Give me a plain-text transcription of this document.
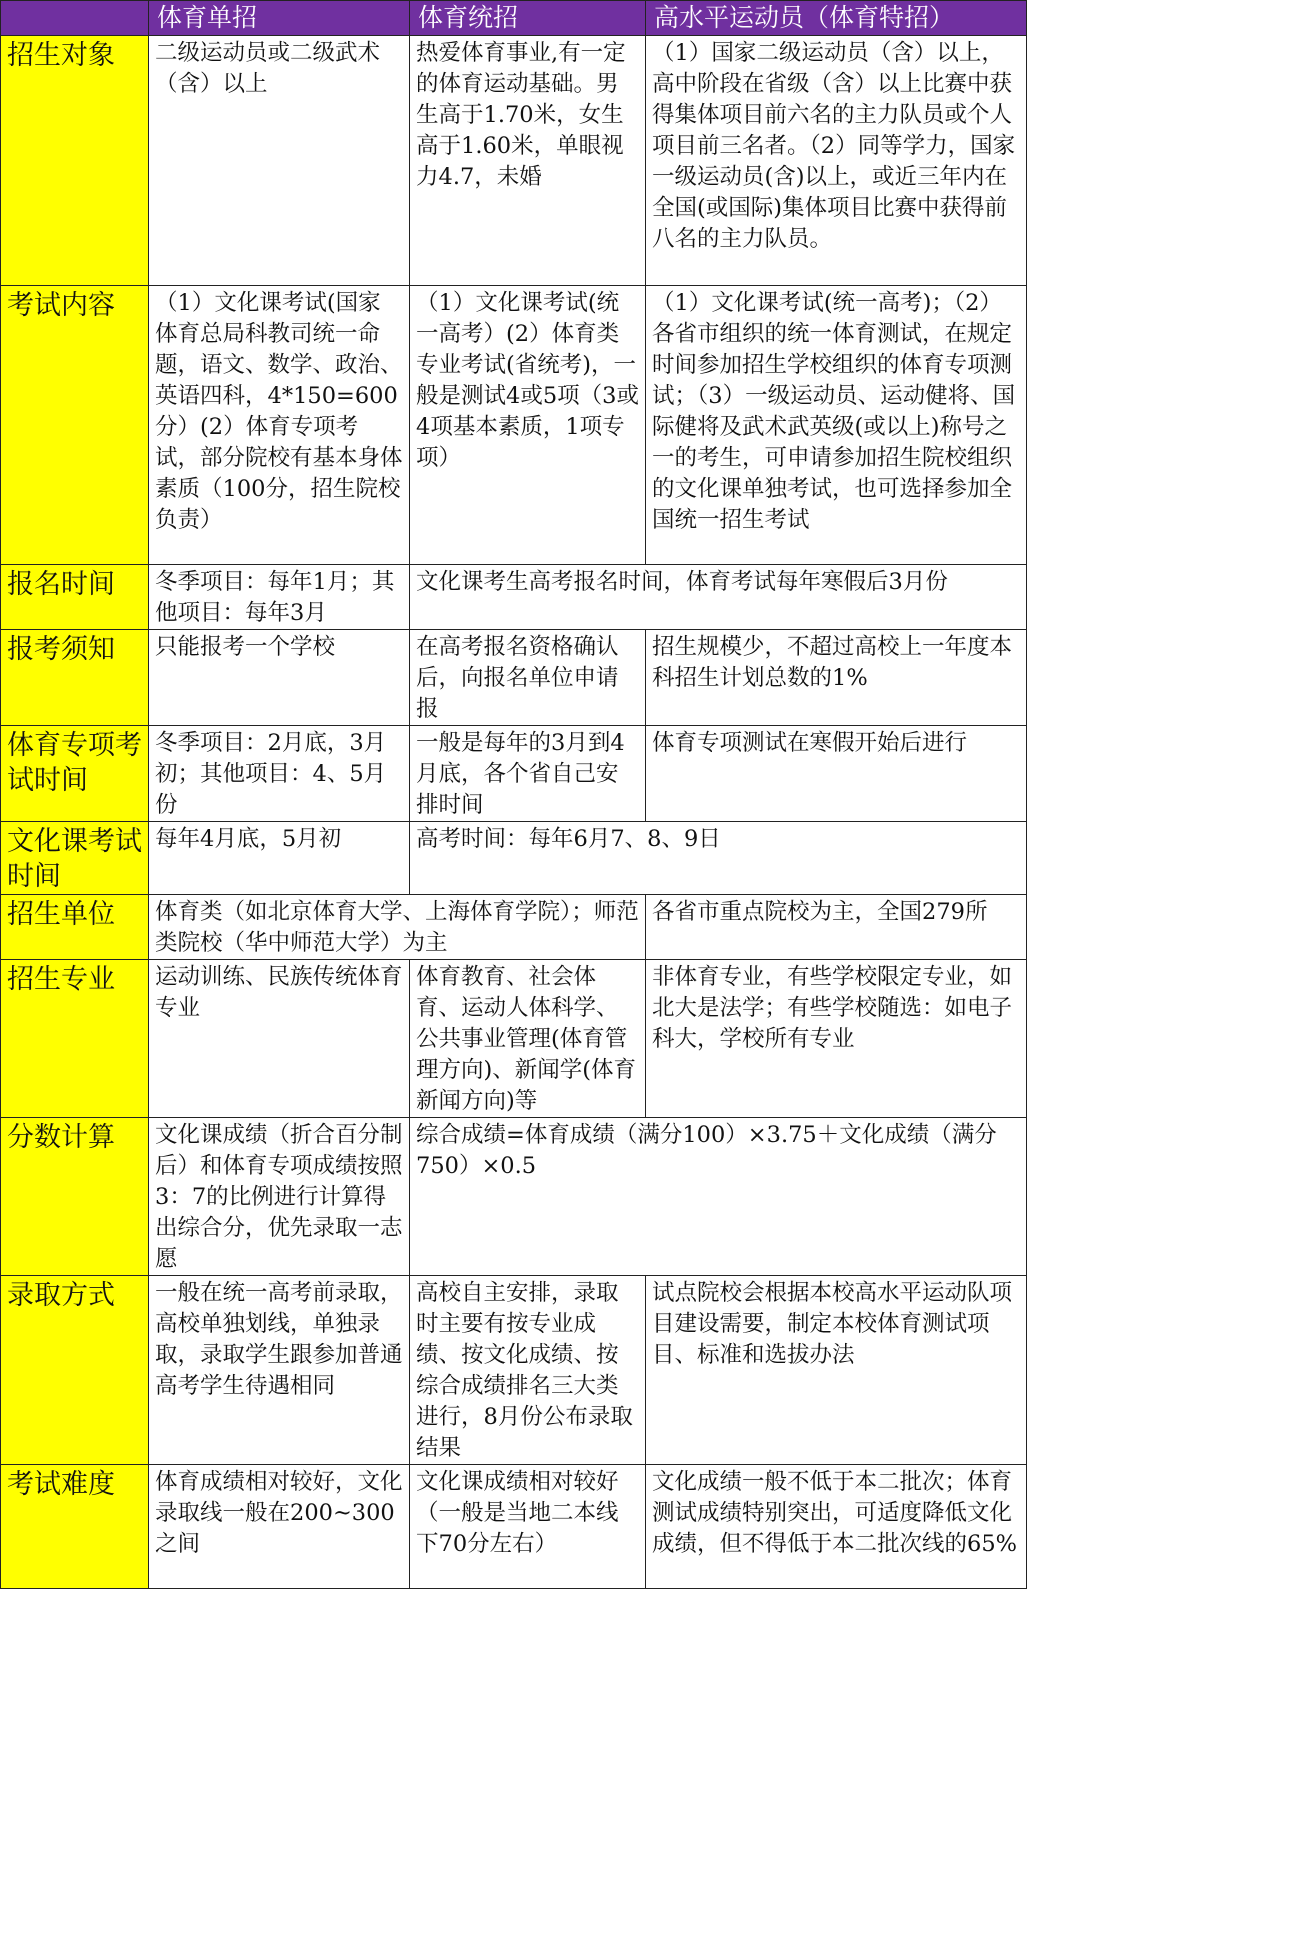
	体育单招	体育统招	高水平运动员（体育特招）
招生对象	二级运动员或二级武术（含）以上	热爱体育事业,有一定的体育运动基础。男生高于1.70米，女生高于1.60米，单眼视力4.7，未婚	（1）国家二级运动员（含）以上，高中阶段在省级（含）以上比赛中获得集体项目前六名的主力队员或个人项目前三名者。（2）同等学力，国家一级运动员(含)以上，或近三年内在全国(或国际)集体项目比赛中获得前八名的主力队员。
考试内容	（1）文化课考试(国家体育总局科教司统一命题，语文、数学、政治、英语四科，4*150=600分）(2）体育专项考试，部分院校有基本身体素质（100分，招生院校负责）	（1）文化课考试(统一高考）(2）体育类专业考试(省统考)，一般是测试4或5项（3或4项基本素质，1项专项）	（1）文化课考试(统一高考)；（2）各省市组织的统一体育测试，在规定时间参加招生学校组织的体育专项测试；（3）一级运动员、运动健将、国际健将及武术武英级(或以上)称号之一的考生，可申请参加招生院校组织的文化课单独考试，也可选择参加全国统一招生考试
报名时间	冬季项目：每年1月；其他项目：每年3月	文化课考生高考报名时间，体育考试每年寒假后3月份	
报考须知	只能报考一个学校	在高考报名资格确认后，向报名单位申请报	招生规模少，不超过高校上一年度本科招生计划总数的1%
体育专项考试时间	冬季项目：2月底，3月初；其他项目：4、5月份	一般是每年的3月到4月底，各个省自己安排时间	体育专项测试在寒假开始后进行
文化课考试时间	每年4月底，5月初	高考时间：每年6月7、8、9日	
招生单位	体育类（如北京体育大学、上海体育学院）；师范类院校（华中师范大学）为主		各省市重点院校为主，全国279所
招生专业	运动训练、民族传统体育专业	体育教育、社会体育、运动人体科学、公共事业管理(体育管理方向)、新闻学(体育新闻方向)等	非体育专业，有些学校限定专业，如北大是法学；有些学校随选：如电子科大，学校所有专业
分数计算	文化课成绩（折合百分制后）和体育专项成绩按照3：7的比例进行计算得出综合分，优先录取一志愿	综合成绩=体育成绩（满分100）×3.75＋文化成绩（满分750）×0.5	
录取方式	一般在统一高考前录取，高校单独划线，单独录取，录取学生跟参加普通高考学生待遇相同	高校自主安排，录取时主要有按专业成绩、按文化成绩、按综合成绩排名三大类进行，8月份公布录取结果	试点院校会根据本校高水平运动队项目建设需要，制定本校体育测试项目、标准和选拔办法
考试难度	体育成绩相对较好，文化录取线一般在200~300之间	文化课成绩相对较好（一般是当地二本线下70分左右）	文化成绩一般不低于本二批次；体育测试成绩特别突出，可适度降低文化成绩，但不得低于本二批次线的65%
